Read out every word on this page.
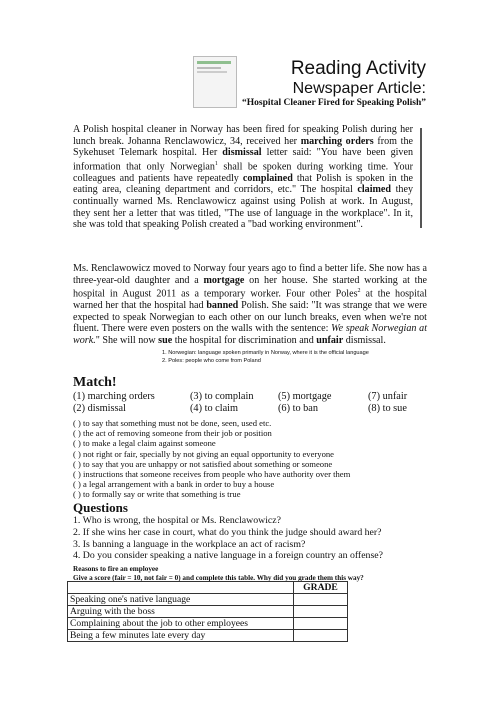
Reading Activity
Newspaper Article:
“Hospital Cleaner Fired for Speaking Polish”
A Polish hospital cleaner in Norway has been fired for speaking Polish during her lunch break. Johanna Renclawowicz, 34, received her marching orders from the Sykehuset Telemark hospital. Her dismissal letter said: "You have been given information that only Norwegian$^1$ shall be spoken during working time. Your colleagues and patients have repeatedly complained that Polish is spoken in the eating area, cleaning department and corridors, etc." The hospital claimed they continually warned Ms. Renclawowicz against using Polish at work. In August, they sent her a letter that was titled, "The use of language in the workplace". In it, she was told that speaking Polish created a "bad working environment".
Ms. Renclawowicz moved to Norway four years ago to find a better life. She now has a three-year-old daughter and a mortgage on her house. She started working at the hospital in August 2011 as a temporary worker. Four other Poles$^2$ at the hospital warned her that the hospital had banned Polish. She said: "It was strange that we were expected to speak Norwegian to each other on our lunch breaks, even when we're not fluent. There were even posters on the walls with the sentence: We speak Norwegian at work." She will now sue the hospital for discrimination and unfair dismissal.
1. Norwegian: language spoken primarily in Norway, where it is the official language
2. Poles: people who come from Poland
Match!
(1) marching orders	(3) to complain (5) mortgage	(7) unfair
(2) dismissal	(4) to claim	(6) to ban	(8) to sue
( ) to say that something must not be done, seen, used etc.
( ) the act of removing someone from their job or position
( ) to make a legal claim against someone
( ) not right or fair, specially by not giving an equal opportunity to everyone
( ) to say that you are unhappy or not satisfied about something or someone
( ) instructions that someone receives from people who have authority over them
( ) a legal arrangement with a bank in order to buy a house
( ) to formally say or write that something is true
Questions
1. Who is wrong, the hospital or Ms. Renclawowicz?
2. If she wins her case in court, what do you think the judge should award her?
3. Is banning a language in the workplace an act of racism?
4. Do you consider speaking a native language in a foreign country an offense?
Reasons to fire an employee
Give a score (fair = 10, not fair = 0) and complete this table. Why did you grade them this way?
	GRADE
Speaking one's native language	
Arguing with the boss	
Complaining about the job to other employees	
Being a few minutes late every day	
